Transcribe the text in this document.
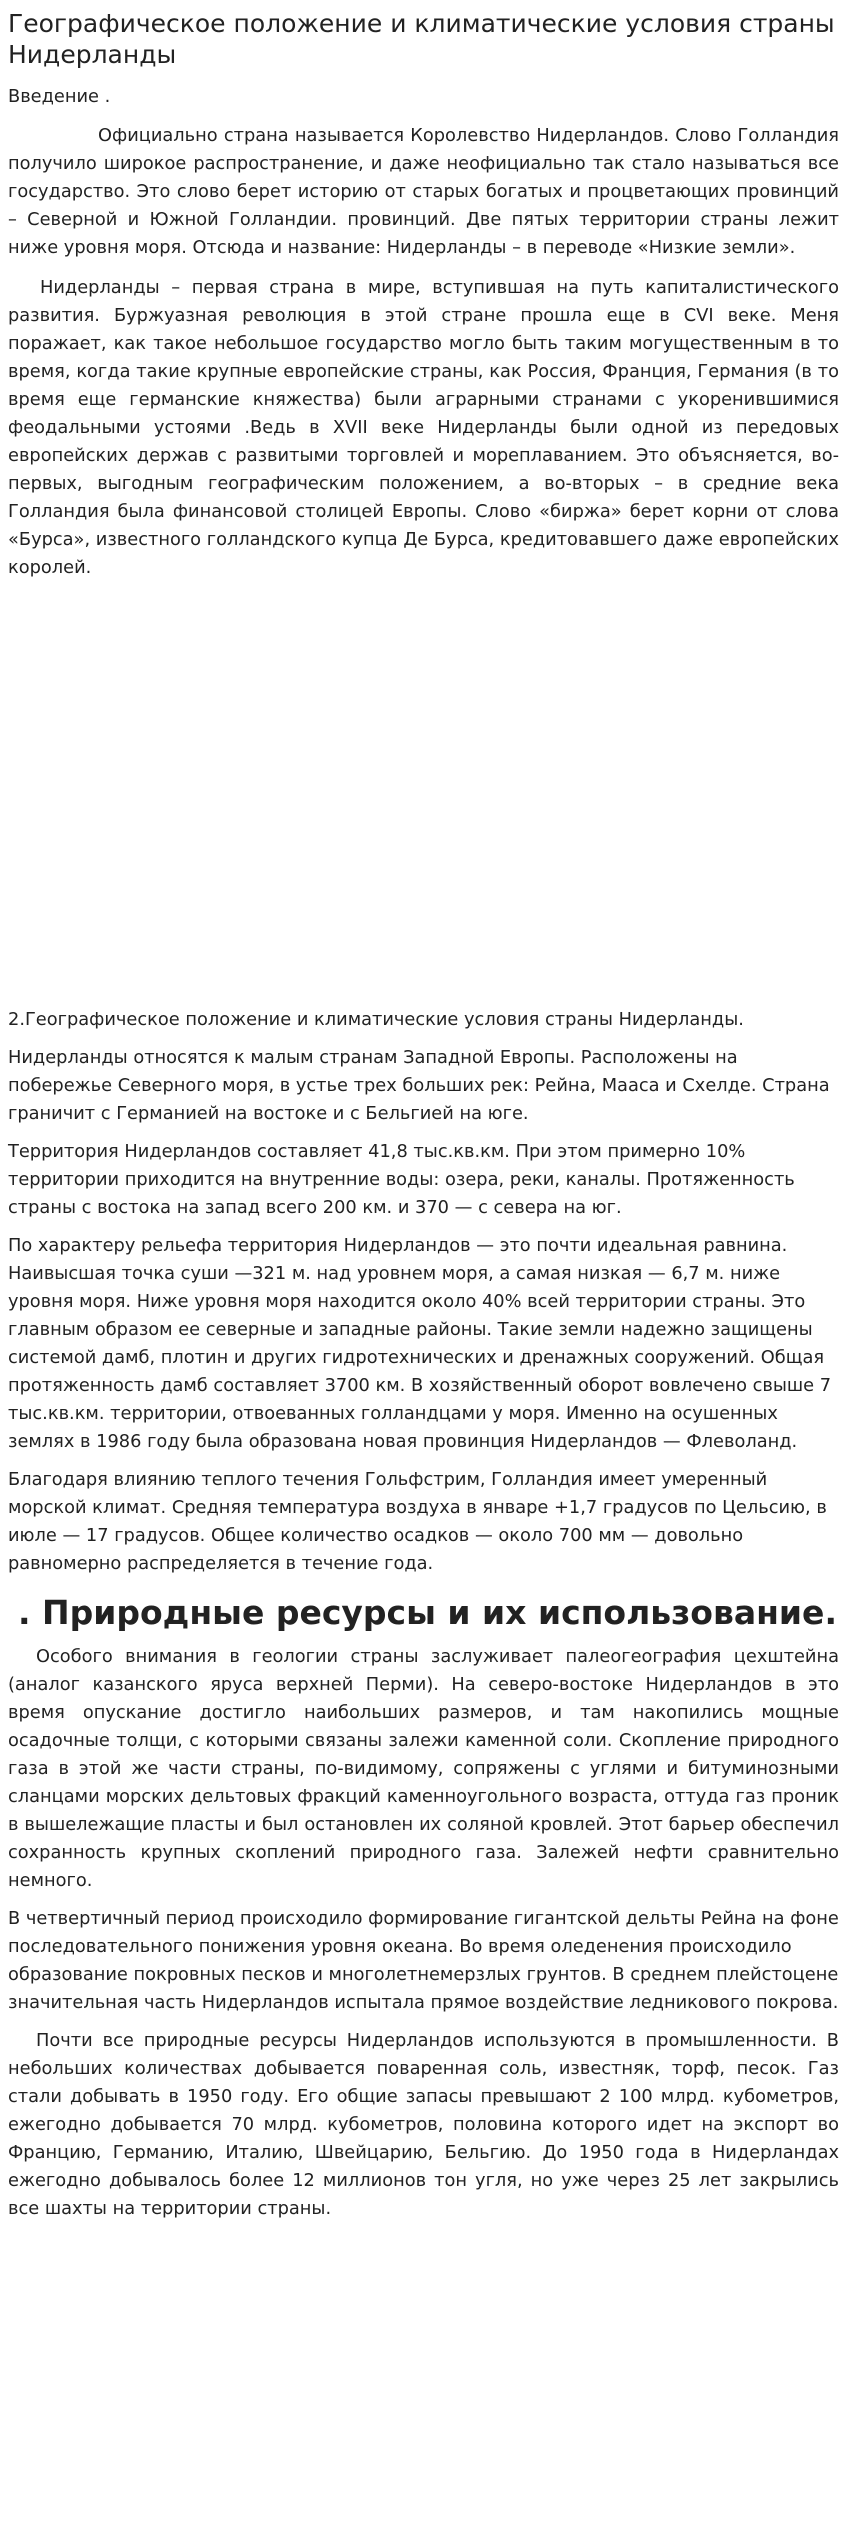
Географическое положение и климатические условия страны Нидерланды

Введение .

Официально страна называется Королевство Нидерландов. Слово Голландия получило широкое распространение, и даже неофициально так стало называться все государство. Это слово берет историю от старых богатых и процветающих провинций – Северной и Южной Голландии. провинций. Две пятых территории страны лежит ниже уровня моря. Отсюда и название: Нидерланды – в переводе «Низкие земли».

Нидерланды – первая страна в мире, вступившая на путь капиталистического развития. Буржуазная революция в этой стране прошла еще в CVI веке. Меня поражает, как такое небольшое государство могло быть таким могущественным в то время, когда такие крупные европейские страны, как Россия, Франция, Германия (в то время еще германские княжества) были аграрными странами с укоренившимися феодальными устоями .Ведь в XVII веке Нидерланды были одной из передовых европейских держав с развитыми торговлей и мореплаванием. Это объясняется, во-первых, выгодным географическим положением, а во-вторых – в средние века Голландия была финансовой столицей Европы. Слово «биржа» берет корни от слова «Бурса», известного голландского купца Де Бурса, кредитовавшего даже европейских королей.

2.Географическое положение и климатические условия страны Нидерланды.

Нидерланды относятся к малым странам Западной Европы. Расположены на побережье Северного моря, в устье трех больших рек: Рейна, Мааса и Схелде. Страна граничит с Германией на востоке и с Бельгией на юге.

Территория Нидерландов составляет 41,8 тыс.кв.км. При этом примерно 10% территории приходится на внутренние воды: озера, реки, каналы. Протяженность страны с востока на запад всего 200 км. и 370 — с севера на юг.

По характеру рельефа территория Нидерландов — это почти идеальная равнина. Наивысшая точка суши —321 м. над уровнем моря, а самая низкая — 6,7 м. ниже уровня моря. Ниже уровня моря находится около 40% всей территории страны. Это главным образом ее северные и западные районы. Такие земли надежно защищены системой дамб, плотин и других гидротехнических и дренажных сооружений. Общая протяженность дамб составляет 3700 км. В хозяйственный оборот вовлечено свыше 7 тыс.кв.км. территории, отвоеванных голландцами у моря. Именно на осушенных землях в 1986 году была образована новая провинция Нидерландов — Флеволанд.

Благодаря влиянию теплого течения Гольфстрим, Голландия имеет умеренный морской климат. Средняя температура воздуха в январе +1,7 градусов по Цельсию, в июле — 17 градусов. Общее количество осадков — около 700 мм — довольно равномерно распределяется в течение года.

. Природные ресурсы и их использование.

Особого внимания в геологии страны заслуживает палеогеография цехштейна (аналог казанского яруса верхней Перми). На северо-востоке Нидерландов в это время опускание достигло наибольших размеров, и там накопились мощные осадочные толщи, с которыми связаны залежи каменной соли. Скопление природного газа в этой же части страны, по-видимому, сопряжены с углями и битуминозными сланцами морских дельтовых фракций каменноугольного возраста, оттуда газ проник в вышележащие пласты и был остановлен их соляной кровлей. Этот барьер обеспечил сохранность крупных скоплений природного газа. Залежей нефти сравнительно немного.

В четвертичный период происходило формирование гигантской дельты Рейна на фоне последовательного понижения уровня океана. Во время оледенения происходило образование покровных песков и многолетнемерзлых грунтов. В среднем плейстоцене значительная часть Нидерландов испытала прямое воздействие ледникового покрова.

Почти все природные ресурсы Нидерландов используются в промышленности. В небольших количествах добывается поваренная соль, известняк, торф, песок. Газ стали добывать в 1950 году. Его общие запасы превышают 2 100 млрд. кубометров, ежегодно добывается 70 млрд. кубометров, половина которого идет на экспорт во Францию, Германию, Италию, Швейцарию, Бельгию. До 1950 года в Нидерландах ежегодно добывалось более 12 миллионов тон угля, но уже через 25 лет закрылись все шахты на территории страны.
